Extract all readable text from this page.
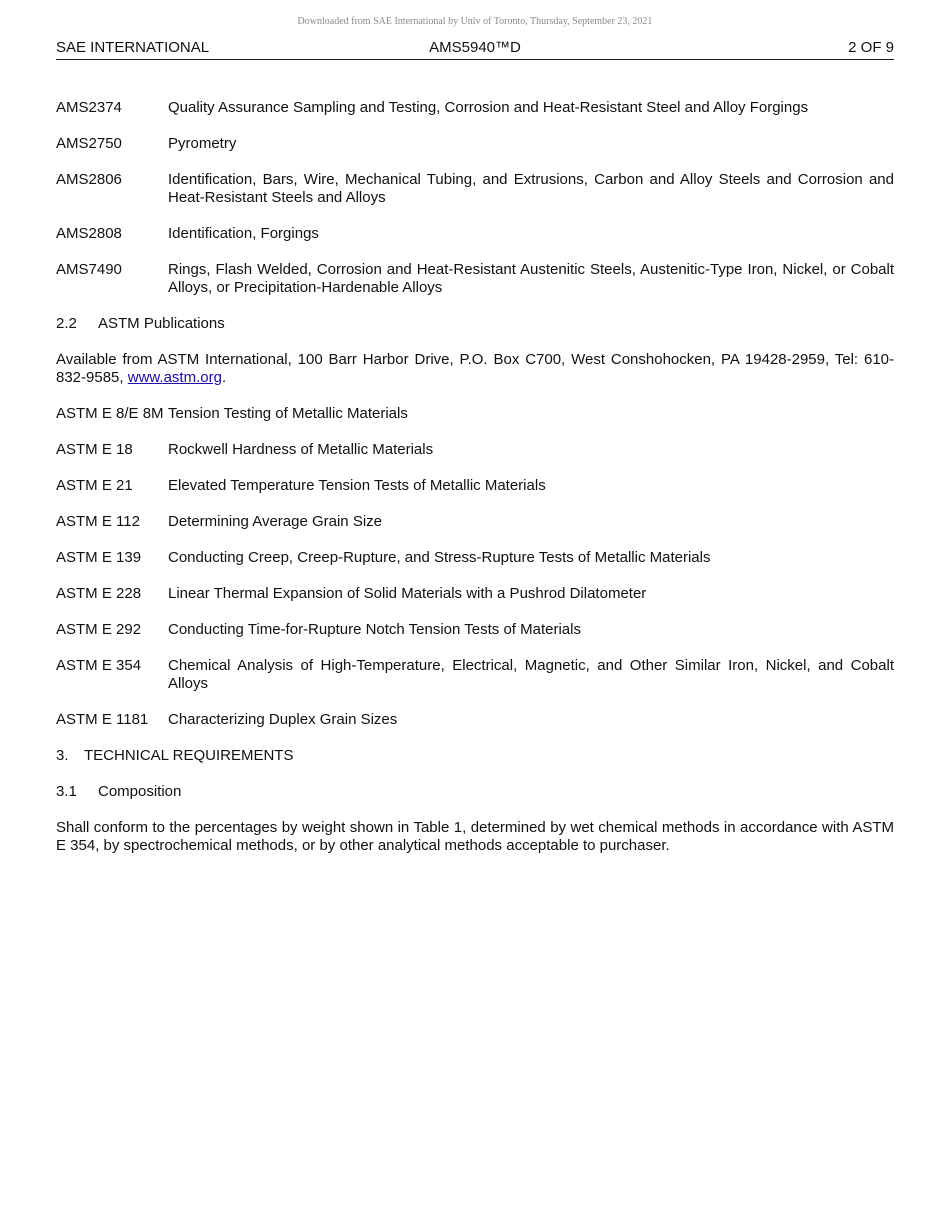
Downloaded from SAE International by Univ of Toronto, Thursday, September 23, 2021
SAE INTERNATIONAL	AMS5940™D	2 OF 9
AMS2374	Quality Assurance Sampling and Testing, Corrosion and Heat-Resistant Steel and Alloy Forgings
AMS2750	Pyrometry
AMS2806	Identification, Bars, Wire, Mechanical Tubing, and Extrusions, Carbon and Alloy Steels and Corrosion and Heat-Resistant Steels and Alloys
AMS2808	Identification, Forgings
AMS7490	Rings, Flash Welded, Corrosion and Heat-Resistant Austenitic Steels, Austenitic-Type Iron, Nickel, or Cobalt Alloys, or Precipitation-Hardenable Alloys
2.2 ASTM Publications
Available from ASTM International, 100 Barr Harbor Drive, P.O. Box C700, West Conshohocken, PA 19428-2959, Tel: 610-832-9585, www.astm.org.
ASTM E 8/E 8M Tension Testing of Metallic Materials
ASTM E 18	Rockwell Hardness of Metallic Materials
ASTM E 21	Elevated Temperature Tension Tests of Metallic Materials
ASTM E 112	Determining Average Grain Size
ASTM E 139	Conducting Creep, Creep-Rupture, and Stress-Rupture Tests of Metallic Materials
ASTM E 228	Linear Thermal Expansion of Solid Materials with a Pushrod Dilatometer
ASTM E 292	Conducting Time-for-Rupture Notch Tension Tests of Materials
ASTM E 354	Chemical Analysis of High-Temperature, Electrical, Magnetic, and Other Similar Iron, Nickel, and Cobalt Alloys
ASTM E 1181	Characterizing Duplex Grain Sizes
3. TECHNICAL REQUIREMENTS
3.1 Composition
Shall conform to the percentages by weight shown in Table 1, determined by wet chemical methods in accordance with ASTM E 354, by spectrochemical methods, or by other analytical methods acceptable to purchaser.
